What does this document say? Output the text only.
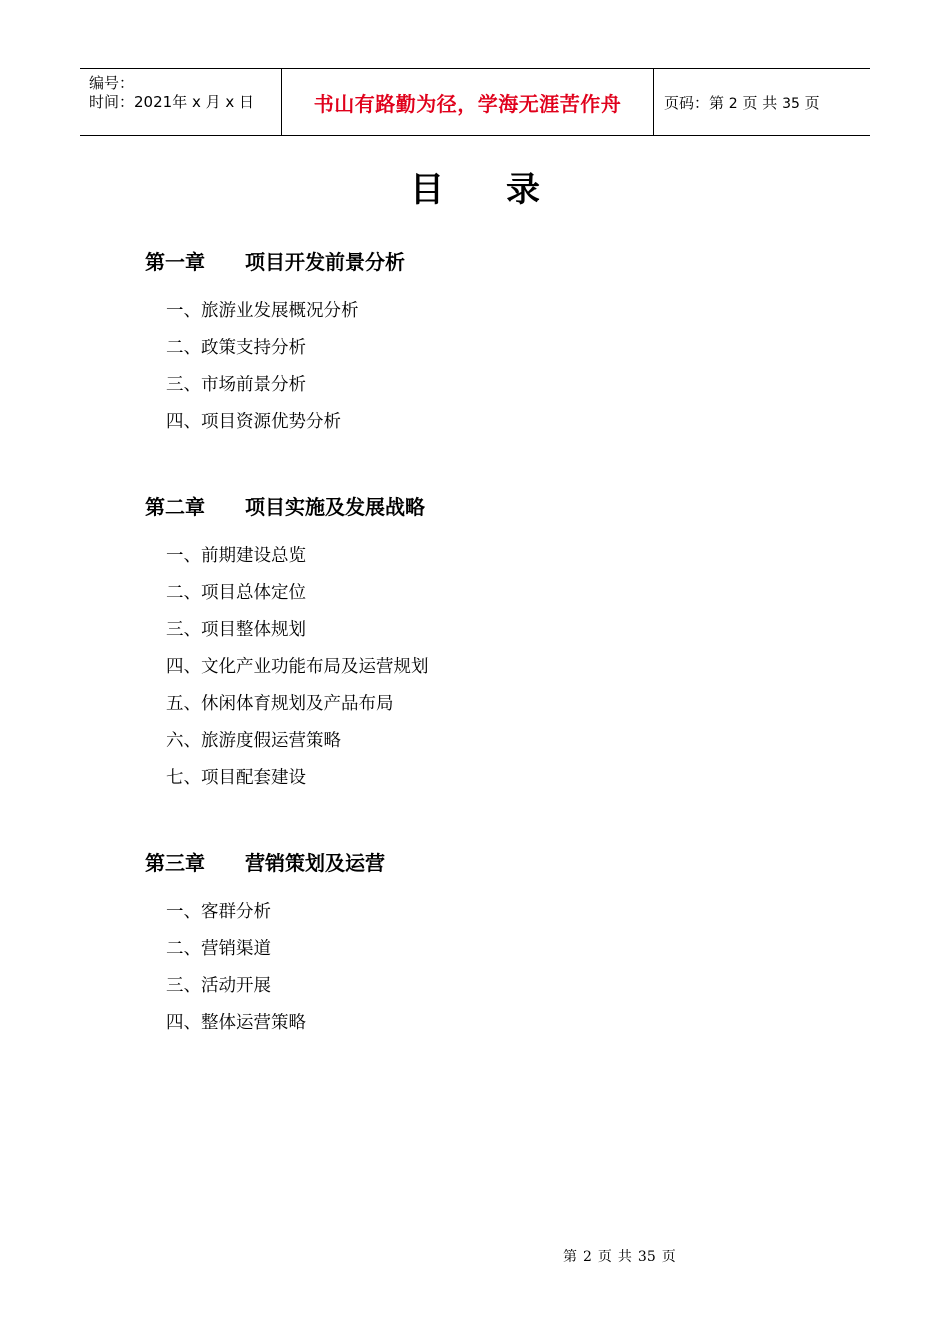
编号：
时间：2021年 x 月 x 日	书山有路勤为径，学海无涯苦作舟	页码：第 2 页 共 35 页
目 录
第一章 项目开发前景分析
一、旅游业发展概况分析
二、政策支持分析
三、市场前景分析
四、项目资源优势分析
第二章 项目实施及发展战略
一、前期建设总览
二、项目总体定位
三、项目整体规划
四、文化产业功能布局及运营规划
五、休闲体育规划及产品布局
六、旅游度假运营策略
七、项目配套建设
第三章 营销策划及运营
一、客群分析
二、营销渠道
三、活动开展
四、整体运营策略
第 2 页 共 35 页
